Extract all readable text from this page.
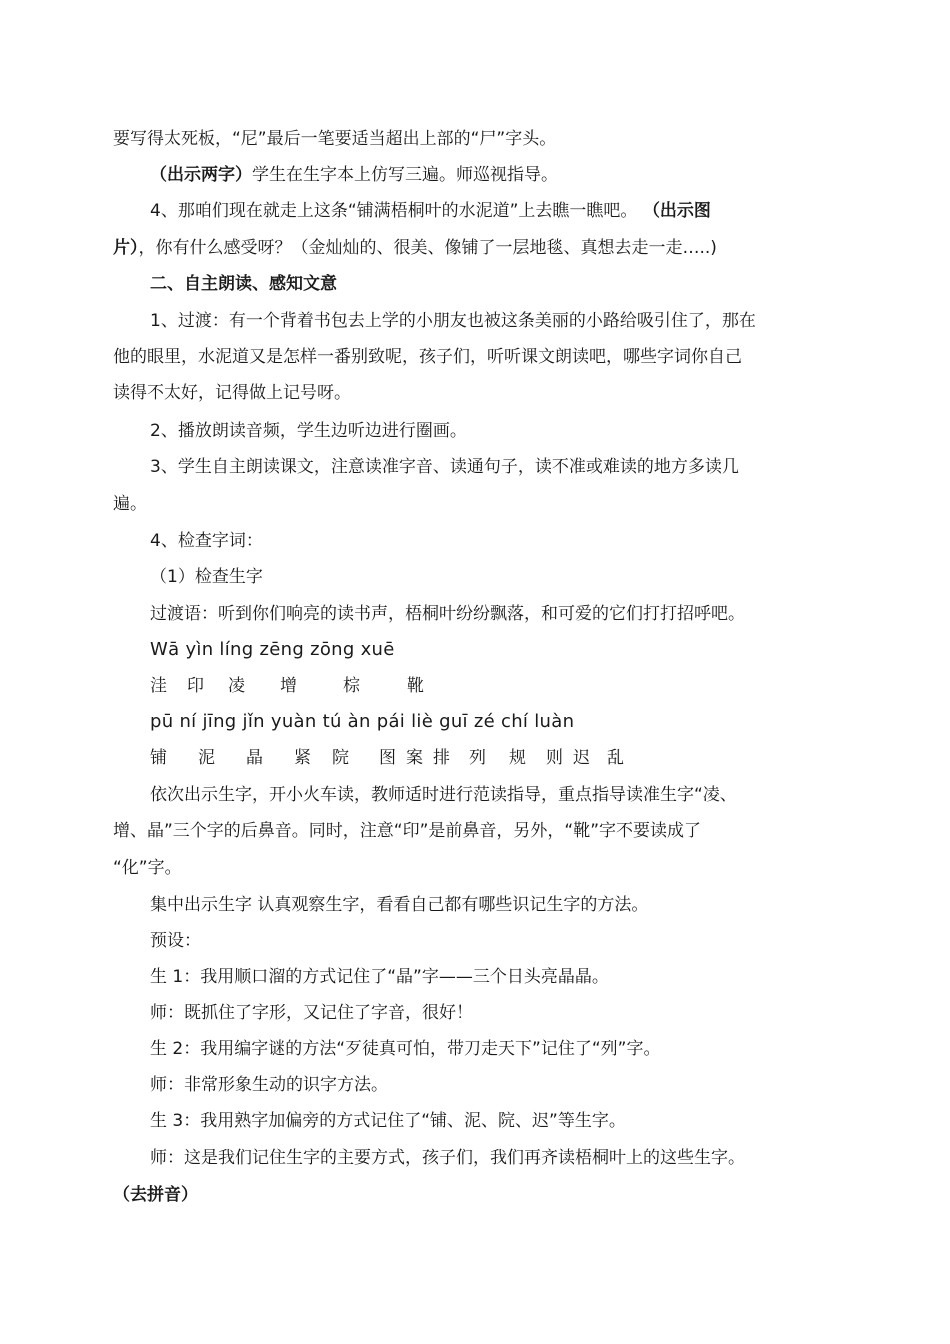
要写得太死板，“尼”最后一笔要适当超出上部的“尸”字头。
（出示两字）学生在生字本上仿写三遍。师巡视指导。
4、那咱们现在就走上这条“铺满梧桐叶的水泥道”上去瞧一瞧吧。 （出示图
片），你有什么感受呀？（金灿灿的、很美、像铺了一层地毯、真想去走一走…..)
二、自主朗读、感知文意
1、过渡：有一个背着书包去上学的小朋友也被这条美丽的小路给吸引住了，那在
他的眼里，水泥道又是怎样一番别致呢，孩子们，听听课文朗读吧，哪些字词你自己
读得不太好，记得做上记号呀。
2、播放朗读音频，学生边听边进行圈画。
3、学生自主朗读课文，注意读准字音、读通句子，读不准或难读的地方多读几
遍。
4、检查字词：
（1）检查生字
过渡语：听到你们响亮的读书声，梧桐叶纷纷飘落，和可爱的它们打打招呼吧。
Wā yìn líng zēng zōng xuē
洼 印 凌 增	棕	靴
pū ní jīng jǐn yuàn tú àn pái liè guī zé chí luàn
铺 泥 晶 紧 院 图 案 排 列 规 则 迟 乱
依次出示生字，开小火车读，教师适时进行范读指导，重点指导读准生字“凌、
增、晶”三个字的后鼻音。同时，注意“印”是前鼻音，另外，“靴”字不要读成了
“化”字。
集中出示生字 认真观察生字，看看自己都有哪些识记生字的方法。
预设：
生 1：我用顺口溜的方式记住了“晶”字——三个日头亮晶晶。
师：既抓住了字形，又记住了字音，很好！
生 2：我用编字谜的方法“歹徒真可怕，带刀走天下”记住了“列”字。
师：非常形象生动的识字方法。
生 3：我用熟字加偏旁的方式记住了“铺、泥、院、迟”等生字。
师：这是我们记住生字的主要方式，孩子们，我们再齐读梧桐叶上的这些生字。
（去拼音）
